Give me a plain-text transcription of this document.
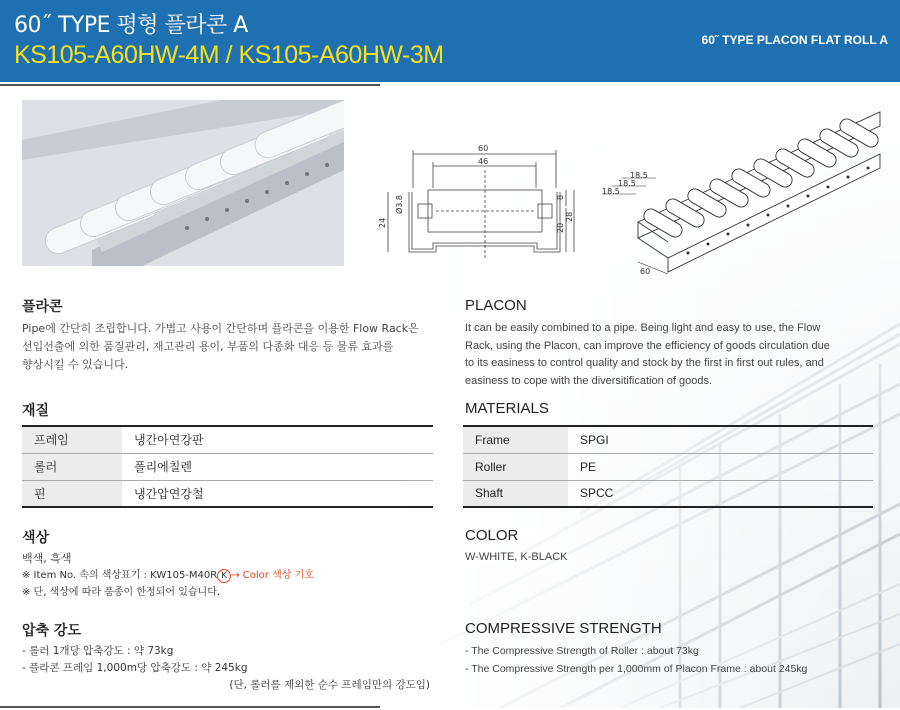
60˝ TYPE 평형 플라콘 A
KS105-A60HW-4M / KS105-A60HW-3M
60˝ TYPE PLACON FLAT ROLL A
60
46
Ø3.8
24
8
20
28
18.5
18.5
18.5
60
플라콘
Pipe에 간단히 조립합니다. 가볍고 사용이 간단하며 플라콘을 이용한 Flow Rack은
선입선출에 의한 품질관리, 재고관리 용이, 부품의 다종화 대응 등 물류 효과를
향상시킬 수 있습니다.
PLACON
It can be easily combined to a pipe. Being light and easy to use, the Flow
Rack, using the Placon, can improve the efficiency of goods circulation due
to its easiness to control quality and stock by the first in first out rules, and
easiness to cope with the diversitification of goods.
재질
프레임	냉간아연강판
롤러	폴리에칠렌
핀	냉간압연강철
MATERIALS
Frame	SPGI
Roller	PE
Shaft	SPCC
색상
백색, 흑색
※ Item No. 속의 색상표기 : KW105-M40R K → Color 색상 기호
※ 단, 색상에 따라 품종이 한정되어 있습니다.
COLOR
W-WHITE, K-BLACK
압축 강도
- 롤러 1개당 압축강도 : 약 73kg
- 플라콘 프레임 1,000m당 압축강도 : 약 245kg
(단, 롤러를 제외한 순수 프레임만의 강도임)
COMPRESSIVE STRENGTH
- The Compressive Strength of Roller : about 73kg
- The Compressive Strength per 1,000mm of Placon Frame : about 245kg
